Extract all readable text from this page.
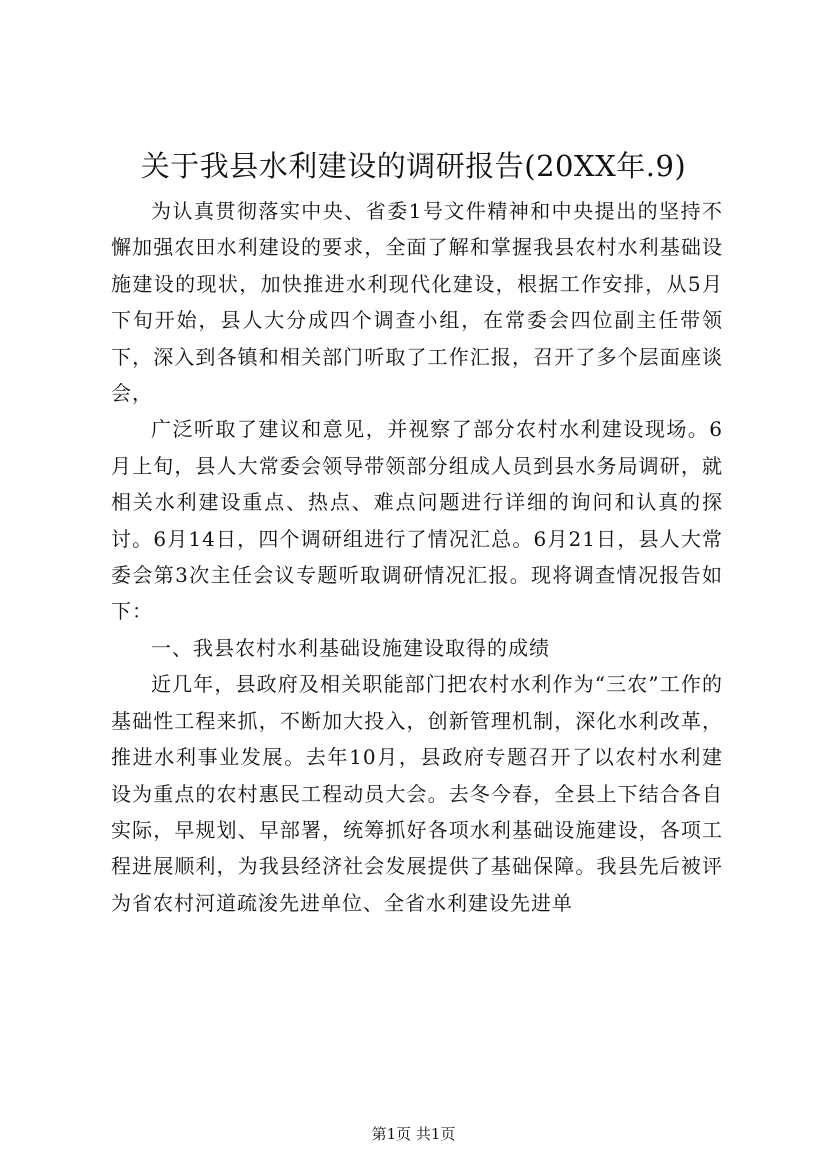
关于我县水利建设的调研报告(20XX年.9)

为认真贯彻落实中央、省委1号文件精神和中央提出的坚持不懈加强农田水利建设的要求，全面了解和掌握我县农村水利基础设施建设的现状，加快推进水利现代化建设，根据工作安排，从5月下旬开始，县人大分成四个调查小组，在常委会四位副主任带领下，深入到各镇和相关部门听取了工作汇报，召开了多个层面座谈会，

广泛听取了建议和意见，并视察了部分农村水利建设现场。6月上旬，县人大常委会领导带领部分组成人员到县水务局调研，就相关水利建设重点、热点、难点问题进行详细的询问和认真的探讨。6月14日，四个调研组进行了情况汇总。6月21日，县人大常委会第3次主任会议专题听取调研情况汇报。现将调查情况报告如下：

一、我县农村水利基础设施建设取得的成绩

近几年，县政府及相关职能部门把农村水利作为“三农”工作的基础性工程来抓，不断加大投入，创新管理机制，深化水利改革，推进水利事业发展。去年10月，县政府专题召开了以农村水利建设为重点的农村惠民工程动员大会。去冬今春，全县上下结合各自实际，早规划、早部署，统筹抓好各项水利基础设施建设，各项工程进展顺利，为我县经济社会发展提供了基础保障。我县先后被评为省农村河道疏浚先进单位、全省水利建设先进单

第1页 共1页
